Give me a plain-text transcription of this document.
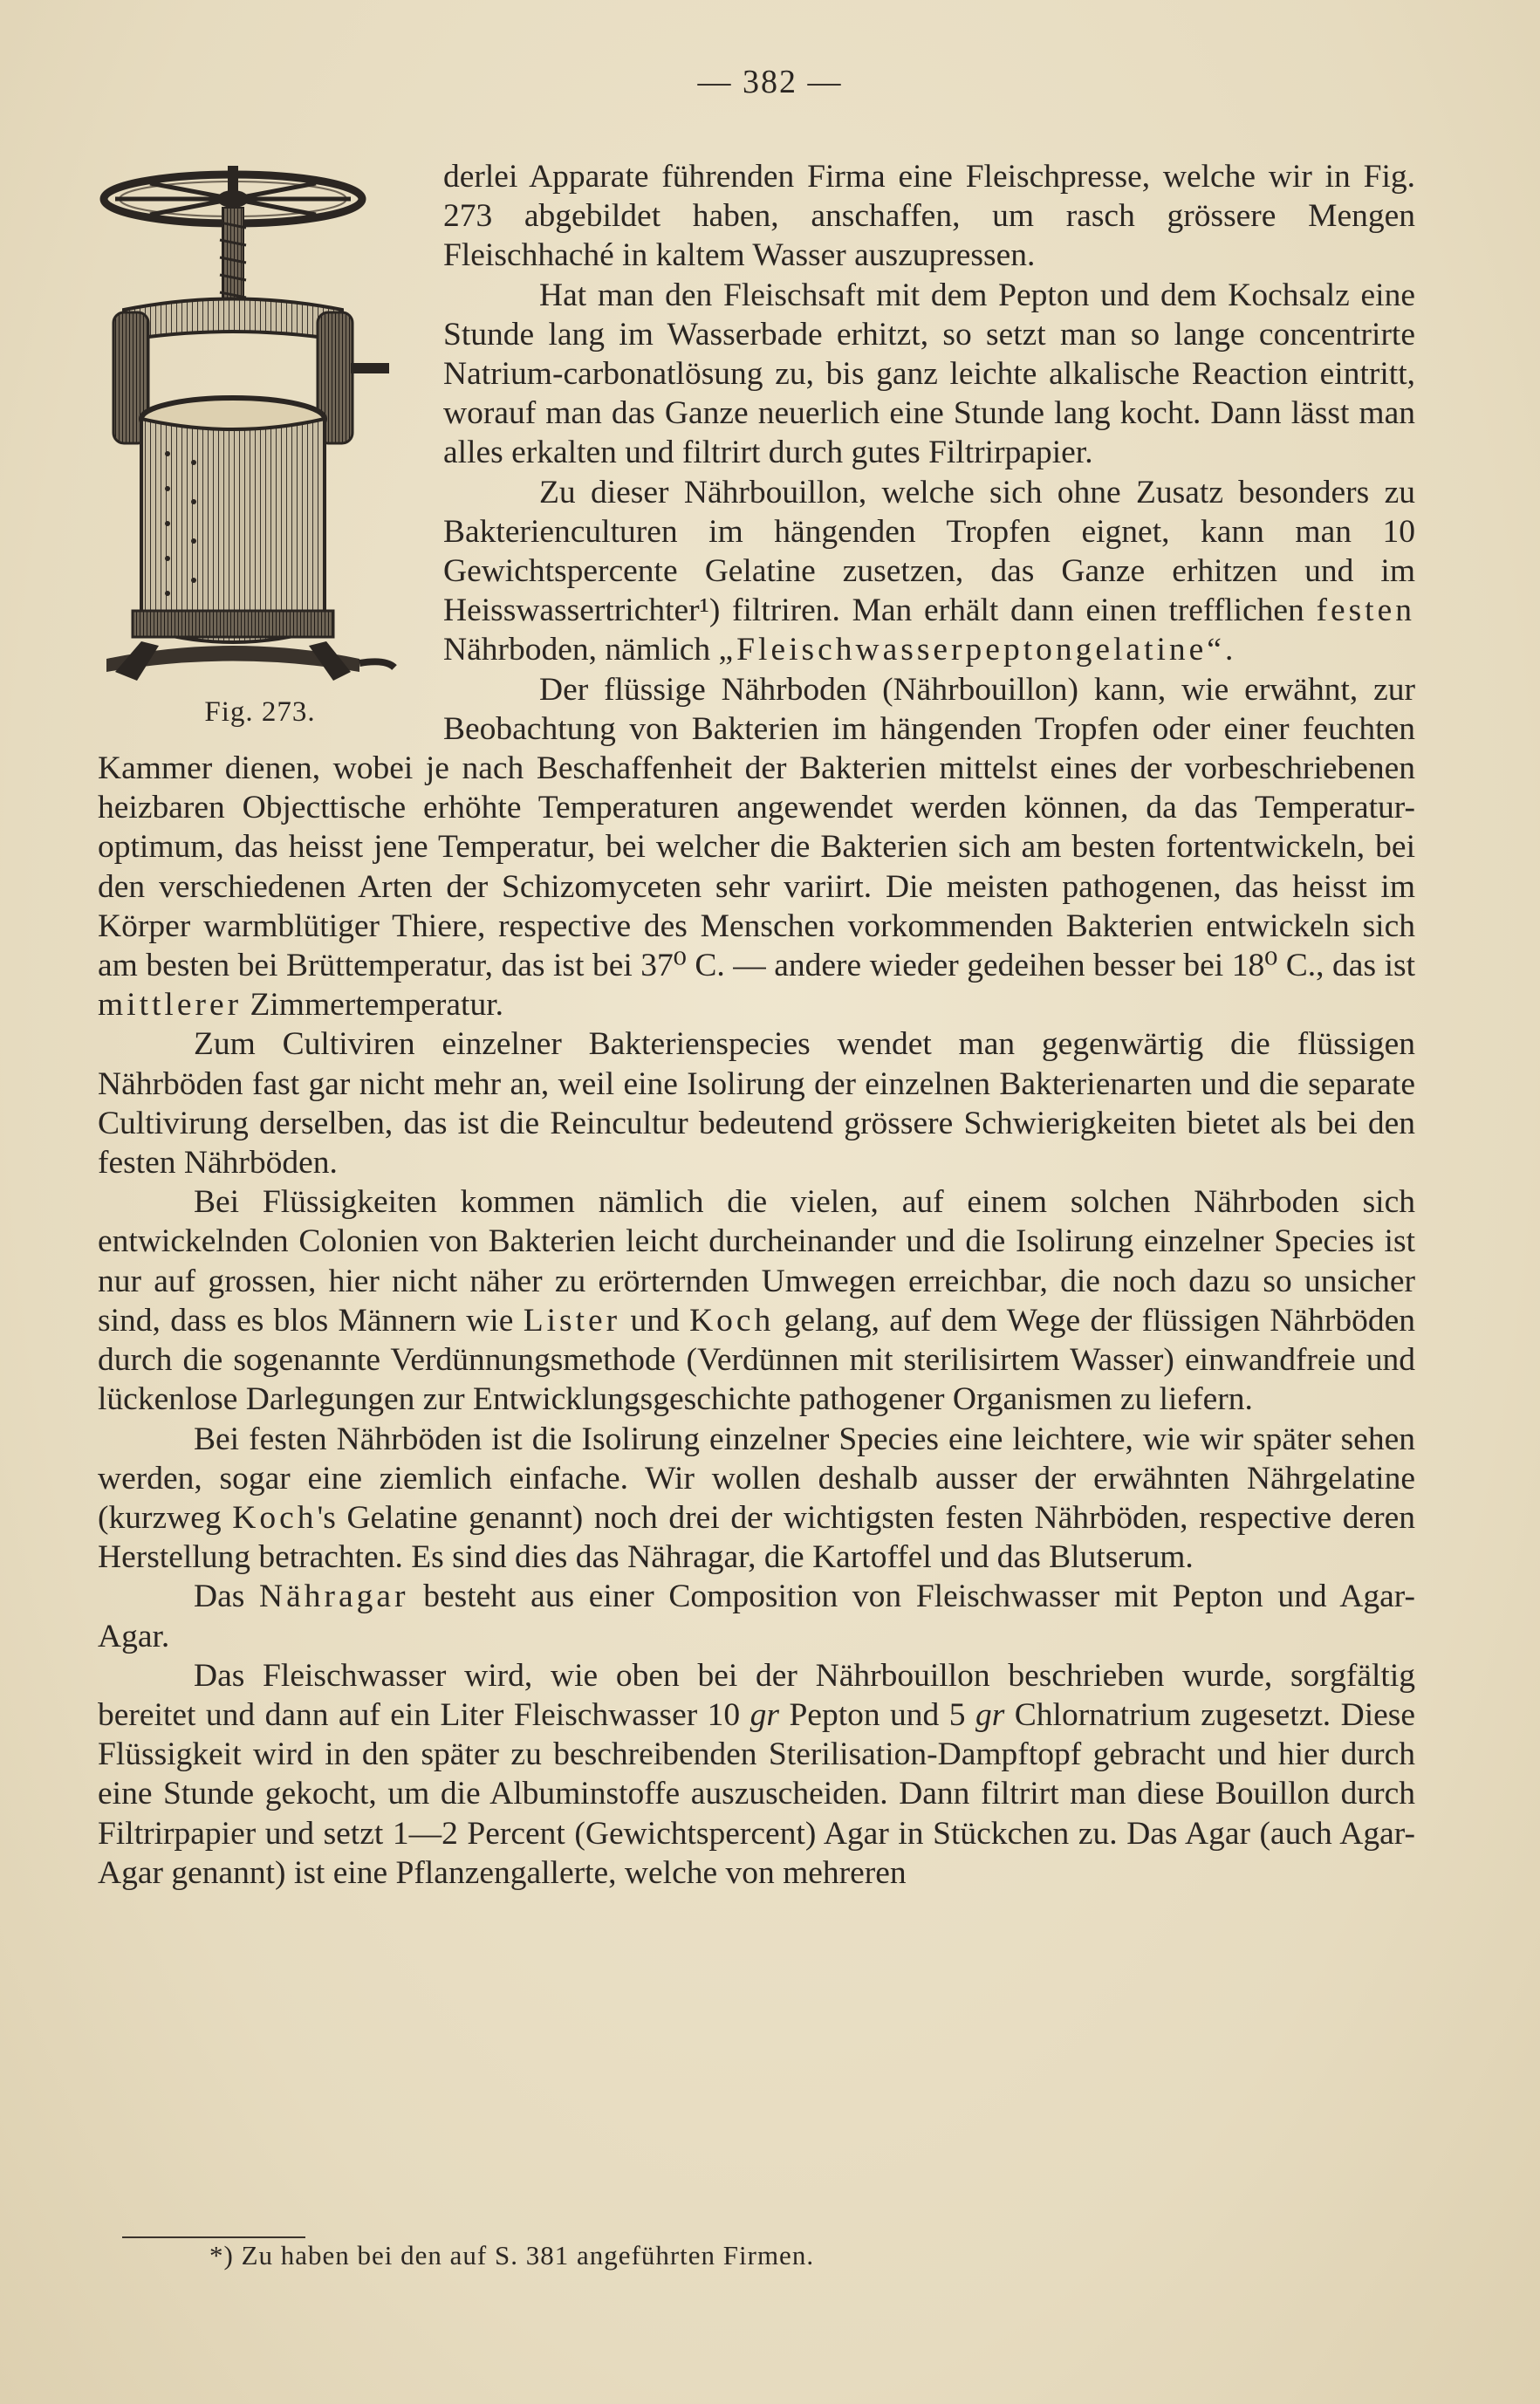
— 382 —
Fig. 273.

derlei Apparate führenden Firma eine Fleischpresse, welche wir in Fig. 273 abgebildet haben, anschaffen, um rasch grössere Mengen Fleischhaché in kaltem Wasser auszupressen.

Hat man den Fleischsaft mit dem Pepton und dem Kochsalz eine Stunde lang im Wasserbade erhitzt, so setzt man so lange concentrirte Natrium-carbonatlösung zu, bis ganz leichte alkalische Reaction eintritt, worauf man das Ganze neuerlich eine Stunde lang kocht. Dann lässt man alles erkalten und filtrirt durch gutes Filtrirpapier.

Zu dieser Nährbouillon, welche sich ohne Zusatz besonders zu Bakterienculturen im hängenden Tropfen eignet, kann man 10 Gewichtspercente Gelatine zusetzen, das Ganze erhitzen und im Heisswassertrichter¹) filtriren. Man erhält dann einen trefflichen festen Nährboden, nämlich „Fleischwasserpeptongelatine“.

Der flüssige Nährboden (Nährbouillon) kann, wie erwähnt, zur Beobachtung von Bakterien im hängenden Tropfen oder einer feuchten Kammer dienen, wobei je nach Beschaffenheit der Bakterien mittelst eines der vorbeschriebenen heizbaren Objecttische erhöhte Temperaturen angewendet werden können, da das Temperatur-optimum, das heisst jene Temperatur, bei welcher die Bakterien sich am besten fortentwickeln, bei den verschiedenen Arten der Schizomyceten sehr variirt. Die meisten pathogenen, das heisst im Körper warmblütiger Thiere, respective des Menschen vorkommenden Bakterien entwickeln sich am besten bei Brüttemperatur, das ist bei 37⁰ C. — andere wieder gedeihen besser bei 18⁰ C., das ist mittlerer Zimmertemperatur.

Zum Cultiviren einzelner Bakterienspecies wendet man gegenwärtig die flüssigen Nährböden fast gar nicht mehr an, weil eine Isolirung der einzelnen Bakterienarten und die separate Cultivirung derselben, das ist die Reincultur bedeutend grössere Schwierigkeiten bietet als bei den festen Nährböden.

Bei Flüssigkeiten kommen nämlich die vielen, auf einem solchen Nährboden sich entwickelnden Colonien von Bakterien leicht durcheinander und die Isolirung einzelner Species ist nur auf grossen, hier nicht näher zu erörternden Umwegen erreichbar, die noch dazu so unsicher sind, dass es blos Männern wie Lister und Koch gelang, auf dem Wege der flüssigen Nährböden durch die sogenannte Verdünnungsmethode (Verdünnen mit sterilisirtem Wasser) einwandfreie und lückenlose Darlegungen zur Entwicklungsgeschichte pathogener Organismen zu liefern.

Bei festen Nährböden ist die Isolirung einzelner Species eine leichtere, wie wir später sehen werden, sogar eine ziemlich einfache. Wir wollen deshalb ausser der erwähnten Nährgelatine (kurzweg Koch's Gelatine genannt) noch drei der wichtigsten festen Nährböden, respective deren Herstellung betrachten. Es sind dies das Nähragar, die Kartoffel und das Blutserum.

Das Nähragar besteht aus einer Composition von Fleischwasser mit Pepton und Agar-Agar.

Das Fleischwasser wird, wie oben bei der Nährbouillon beschrieben wurde, sorgfältig bereitet und dann auf ein Liter Fleischwasser 10 gr Pepton und 5 gr Chlornatrium zugesetzt. Diese Flüssigkeit wird in den später zu beschreibenden Sterilisation-Dampftopf gebracht und hier durch eine Stunde gekocht, um die Albuminstoffe auszuscheiden. Dann filtrirt man diese Bouillon durch Filtrirpapier und setzt 1—2 Percent (Gewichtspercent) Agar in Stückchen zu. Das Agar (auch Agar-Agar genannt) ist eine Pflanzengallerte, welche von mehreren

*) Zu haben bei den auf S. 381 angeführten Firmen.
